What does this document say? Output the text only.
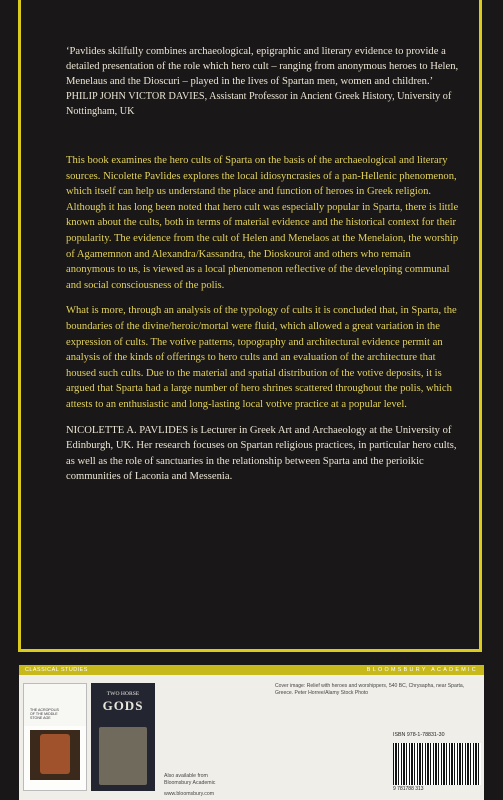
‘Pavlides skilfully combines archaeological, epigraphic and literary evidence to provide a detailed presentation of the role which hero cult – ranging from anonymous heroes to Helen, Menelaus and the Dioscuri – played in the lives of Spartan men, women and children.’

PHILIP JOHN VICTOR DAVIES, Assistant Professor in Ancient Greek History, University of Nottingham, UK

This book examines the hero cults of Sparta on the basis of the archaeological and literary sources. Nicolette Pavlides explores the local idiosyncrasies of a pan-Hellenic phenomenon, which itself can help us understand the place and function of heroes in Greek religion. Although it has long been noted that hero cult was especially popular in Sparta, there is little known about the cults, both in terms of material evidence and the historical context for their popularity. The evidence from the cult of Helen and Menelaos at the Menelaion, the worship of Agamemnon and Alexandra/Kassandra, the Dioskouroi and others who remain anonymous to us, is viewed as a local phenomenon reflective of the developing communal and social consciousness of the polis.

What is more, through an analysis of the typology of cults it is concluded that, in Sparta, the boundaries of the divine/heroic/mortal were fluid, which allowed a great variation in the expression of cults. The votive patterns, topography and architectural evidence permit an analysis of the kinds of offerings to hero cults and an evaluation of the architecture that housed such cults. Due to the material and spatial distribution of the votive deposits, it is argued that Sparta had a large number of hero shrines scattered throughout the polis, which attests to an enthusiastic and long-lasting local votive practice at a popular level.

NICOLETTE A. PAVLIDES is Lecturer in Greek Art and Archaeology at the University of Edinburgh, UK. Her research focuses on Spartan religious practices, in particular hero cults, as well as the role of sanctuaries in the relationship between Sparta and the perioikic communities of Laconia and Messenia.

CLASSICAL STUDIES	BLOOMSBURY ACADEMIC
THE ACROPOLIS
OF THE MIDDLE
STONE AGE
TWO HORSE
GODS
Also available from
Bloomsbury Academic
www.bloomsbury.com
Cover image: Relief with heroes and worshippers, 540 BC, Chrysapha, near Sparta, Greece. Peter Horree/Alamy Stock Photo
ISBN 978-1-78831-30
9 781788 313
